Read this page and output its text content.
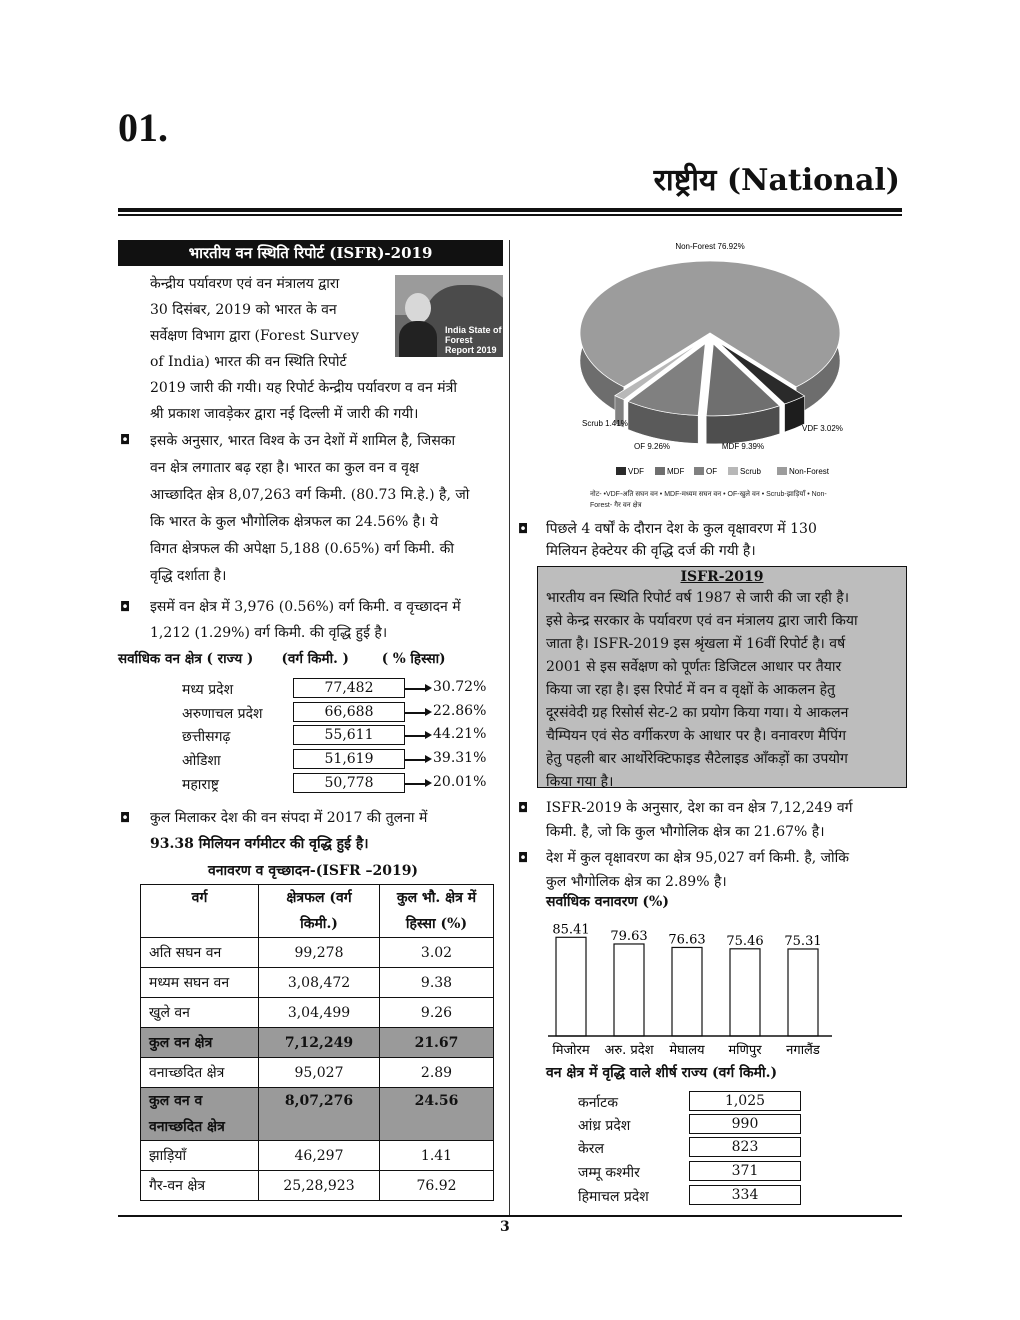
01.
राष्ट्रीय (National)
भारतीय वन स्थिति रिपोर्ट (ISFR)-2019
India State of Forest Report 2019
केन्द्रीय पर्यावरण एवं वन मंत्रालय द्वारा
30 दिसंबर, 2019 को भारत के वन
सर्वेक्षण विभाग द्वारा (Forest Survey
of India) भारत की वन स्थिति रिपोर्ट
2019 जारी की गयी। यह रिपोर्ट केन्द्रीय पर्यावरण व वन मंत्री
श्री प्रकाश जावड़ेकर द्वारा नई दिल्ली में जारी की गयी।
◘ इसके अनुसार, भारत विश्व के उन देशों में शामिल है, जिसका
वन क्षेत्र लगातार बढ़ रहा है। भारत का कुल वन व वृक्ष
आच्छादित क्षेत्र 8,07,263 वर्ग किमी. (80.73 मि.हे.) है, जो
कि भारत के कुल भौगोलिक क्षेत्रफल का 24.56% है। ये
विगत क्षेत्रफल की अपेक्षा 5,188 (0.65%) वर्ग किमी. की
वृद्धि दर्शाता है।
◘ इसमें वन क्षेत्र में 3,976 (0.56%) वर्ग किमी. व वृच्छादन में
1,212 (1.29%) वर्ग किमी. की वृद्धि हुई है।
सर्वाधिक वन क्षेत्र ( राज्य )      (वर्ग किमी. )       ( % हिस्सा)
मध्य प्रदेश	77,482	30.72%
अरुणाचल प्रदेश	66,688	22.86%
छत्तीसगढ़	55,611	44.21%
ओडिशा	51,619	39.31%
महाराष्ट्र	50,778	20.01%
◘ कुल मिलाकर देश की वन संपदा में 2017 की तुलना में
93.38 मिलियन वर्गमीटर की वृद्धि हुई है।
वनावरण व वृच्छादन-(ISFR –2019)
वर्ग	क्षेत्रफल (वर्ग किमी.)	कुल भौ. क्षेत्र में हिस्सा (%)
अति सघन वन	99,278	3.02
मध्यम सघन वन	3,08,472	9.38
खुले वन	3,04,499	9.26
कुल वन क्षेत्र	7,12,249	21.67
वनाच्छदित क्षेत्र	95,027	2.89
कुल वन व वनाच्छदित क्षेत्र	8,07,276	24.56
झाड़ियाँ	46,297	1.41
गैर-वन क्षेत्र	25,28,923	76.92
Non-Forest 76.92%
VDF 3.02%
MDF 9.39%
OF 9.26%
Scrub 1.41%
VDF	MDF	OF	Scrub	Non-Forest
नोट- •VDF-अति सघन वन • MDF-मध्यम सघन वन • OF-खुले वन • Scrub-झाड़ियाँ • Non-Forest- गैर वन क्षेत्र
◘ पिछले 4 वर्षों के दौरान देश के कुल वृक्षावरण में 130
मिलियन हेक्टेयर की वृद्धि दर्ज की गयी है।
ISFR-2019
भारतीय वन स्थिति रिपोर्ट वर्ष 1987 से जारी की जा रही है।
इसे केन्द्र सरकार के पर्यावरण एवं वन मंत्रालय द्वारा जारी किया
जाता है। ISFR-2019 इस श्रृंखला में 16वीं रिपोर्ट है। वर्ष
2001 से इस सर्वेक्षण को पूर्णतः डिजिटल आधार पर तैयार
किया जा रहा है। इस रिपोर्ट में वन व वृक्षों के आकलन हेतु
दूरसंवेदी ग्रह रिसोर्स सेट-2 का प्रयोग किया गया। ये आकलन
चैम्पियन एवं सेठ वर्गीकरण के आधार पर है। वनावरण मैपिंग
हेतु पहली बार आर्थोरेक्टिफाइड सैटेलाइड आँकड़ों का उपयोग
किया गया है।
◘ ISFR-2019 के अनुसार, देश का वन क्षेत्र 7,12,249 वर्ग
किमी. है, जो कि कुल भौगोलिक क्षेत्र का 21.67% है।
◘ देश में कुल वृक्षावरण का क्षेत्र 95,027 वर्ग किमी. है, जोकि
कुल भौगोलिक क्षेत्र का 2.89% है।
सर्वाधिक वनावरण (%)
85.41
मिजोरम
79.63
अरु. प्रदेश
76.63
मेघालय
75.46
मणिपुर
75.31
नगालैंड
वन क्षेत्र में वृद्धि वाले शीर्ष राज्य (वर्ग किमी.)
कर्नाटक	1,025
आंध्र प्रदेश	990
केरल	823
जम्मू कश्मीर	371
हिमाचल प्रदेश	334
3
